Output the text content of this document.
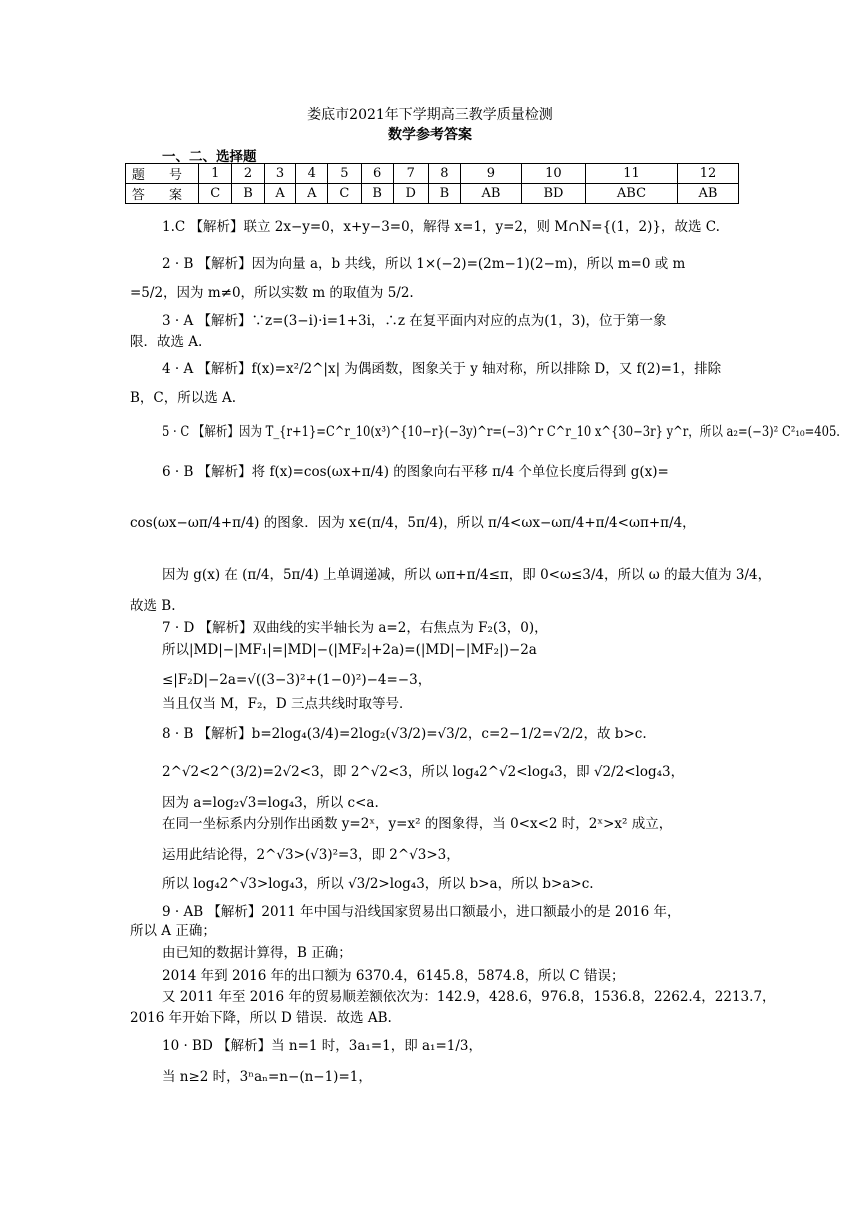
娄底市2021年下学期高三教学质量检测
数学参考答案
一、二、选择题
题 号	1	2	3	4	5	6	7	8	9	10	11	12
答 案	C	B	A	A	C	B	D	B	AB	BD	ABC	AB
1.C 【解析】联立 2x−y=0，x+y−3=0，解得 x=1，y=2，则 M∩N={(1，2)}，故选 C.
2 · B 【解析】因为向量 a，b 共线，所以 1×(−2)=(2m−1)(2−m)，所以 m=0 或 m
=5/2，因为 m≠0，所以实数 m 的取值为 5/2.
3 · A 【解析】∵z=(3−i)·i=1+3i，∴z 在复平面内对应的点为(1，3)，位于第一象
限．故选 A.
4 · A 【解析】f(x)=x²/2^|x| 为偶函数，图象关于 y 轴对称，所以排除 D，又 f(2)=1，排除
B，C，所以选 A.
5 · C 【解析】因为 T_{r+1}=C^r_10(x³)^{10−r}(−3y)^r=(−3)^r C^r_10 x^{30−3r} y^r，所以 a₂=(−3)² C²₁₀=405.
6 · B 【解析】将 f(x)=cos(ωx+π/4) 的图象向右平移 π/4 个单位长度后得到 g(x)=
cos(ωx−ωπ/4+π/4) 的图象．因为 x∈(π/4，5π/4)，所以 π/4<ωx−ωπ/4+π/4<ωπ+π/4，
因为 g(x) 在 (π/4，5π/4) 上单调递减，所以 ωπ+π/4≤π，即 0<ω≤3/4，所以 ω 的最大值为 3/4，
故选 B.
7 · D 【解析】双曲线的实半轴长为 a=2，右焦点为 F₂(3，0)，
所以|MD|−|MF₁|=|MD|−(|MF₂|+2a)=(|MD|−|MF₂|)−2a
≤|F₂D|−2a=√((3−3)²+(1−0)²)−4=−3，
当且仅当 M，F₂，D 三点共线时取等号．
8 · B 【解析】b=2log₄(3/4)=2log₂(√3/2)=√3/2，c=2−1/2=√2/2，故 b>c.
2^√2<2^(3/2)=2√2<3，即 2^√2<3，所以 log₄2^√2<log₄3，即 √2/2<log₄3，
因为 a=log₂√3=log₄3，所以 c<a.
在同一坐标系内分别作出函数 y=2ˣ，y=x² 的图象得，当 0<x<2 时，2ˣ>x² 成立，
运用此结论得，2^√3>(√3)²=3，即 2^√3>3，
所以 log₄2^√3>log₄3，所以 √3/2>log₄3，所以 b>a，所以 b>a>c.
9 · AB 【解析】2011 年中国与沿线国家贸易出口额最小，进口额最小的是 2016 年，
所以 A 正确；
由已知的数据计算得，B 正确；
2014 年到 2016 年的出口额为 6370.4，6145.8，5874.8，所以 C 错误；
又 2011 年至 2016 年的贸易顺差额依次为：142.9，428.6，976.8，1536.8，2262.4，2213.7，
2016 年开始下降，所以 D 错误．故选 AB.
10 · BD 【解析】当 n=1 时，3a₁=1，即 a₁=1/3，
当 n≥2 时，3ⁿaₙ=n−(n−1)=1，
